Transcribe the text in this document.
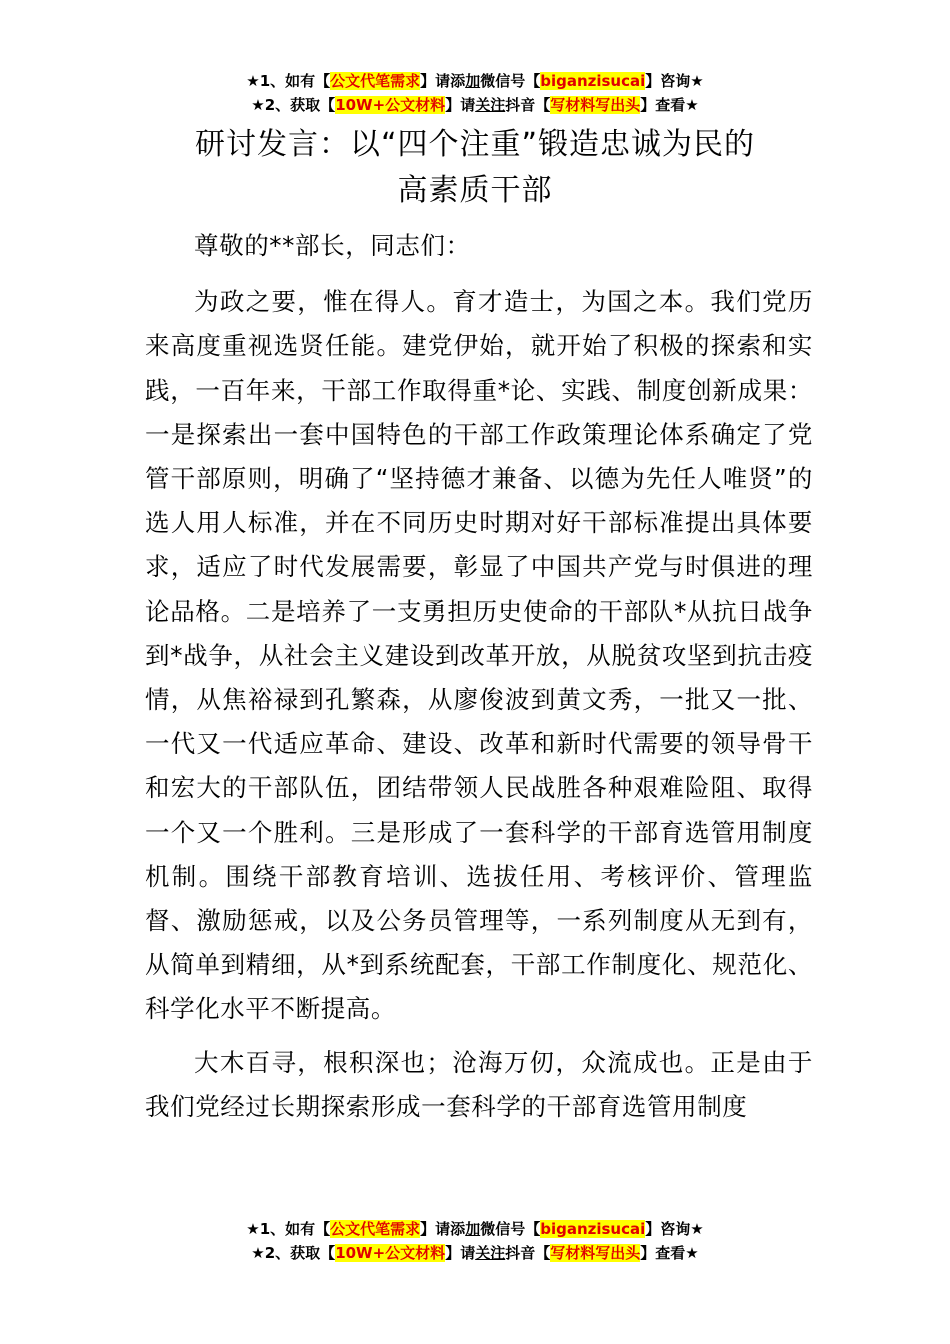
★1、如有【公文代笔需求】请添加微信号【biganzisucai】咨询★
★2、获取【10W+公文材料】请关注抖音【写材料写出头】查看★
研讨发言：以“四个注重”锻造忠诚为民的
高素质干部

尊敬的**部长，同志们：

为政之要，惟在得人。育才造士，为国之本。我们党历来高度重视选贤任能。建党伊始，就开始了积极的探索和实践，一百年来，干部工作取得重*论、实践、制度创新成果：一是探索出一套中国特色的干部工作政策理论体系确定了党管干部原则，明确了“坚持德才兼备、以德为先任人唯贤”的选人用人标准，并在不同历史时期对好干部标准提出具体要求，适应了时代发展需要，彰显了中国共产党与时俱进的理论品格。二是培养了一支勇担历史使命的干部队*从抗日战争到*战争，从社会主义建设到改革开放，从脱贫攻坚到抗击疫情，从焦裕禄到孔繁森，从廖俊波到黄文秀，一批又一批、一代又一代适应革命、建设、改革和新时代需要的领导骨干和宏大的干部队伍，团结带领人民战胜各种艰难险阻、取得一个又一个胜利。三是形成了一套科学的干部育选管用制度机制。围绕干部教育培训、选拔任用、考核评价、管理监督、激励惩戒，以及公务员管理等，一系列制度从无到有，从简单到精细，从*到系统配套，干部工作制度化、规范化、科学化水平不断提高。

大木百寻，根积深也；沧海万仞，众流成也。正是由于我们党经过长期探索形成一套科学的干部育选管用制度

★1、如有【公文代笔需求】请添加微信号【biganzisucai】咨询★
★2、获取【10W+公文材料】请关注抖音【写材料写出头】查看★
